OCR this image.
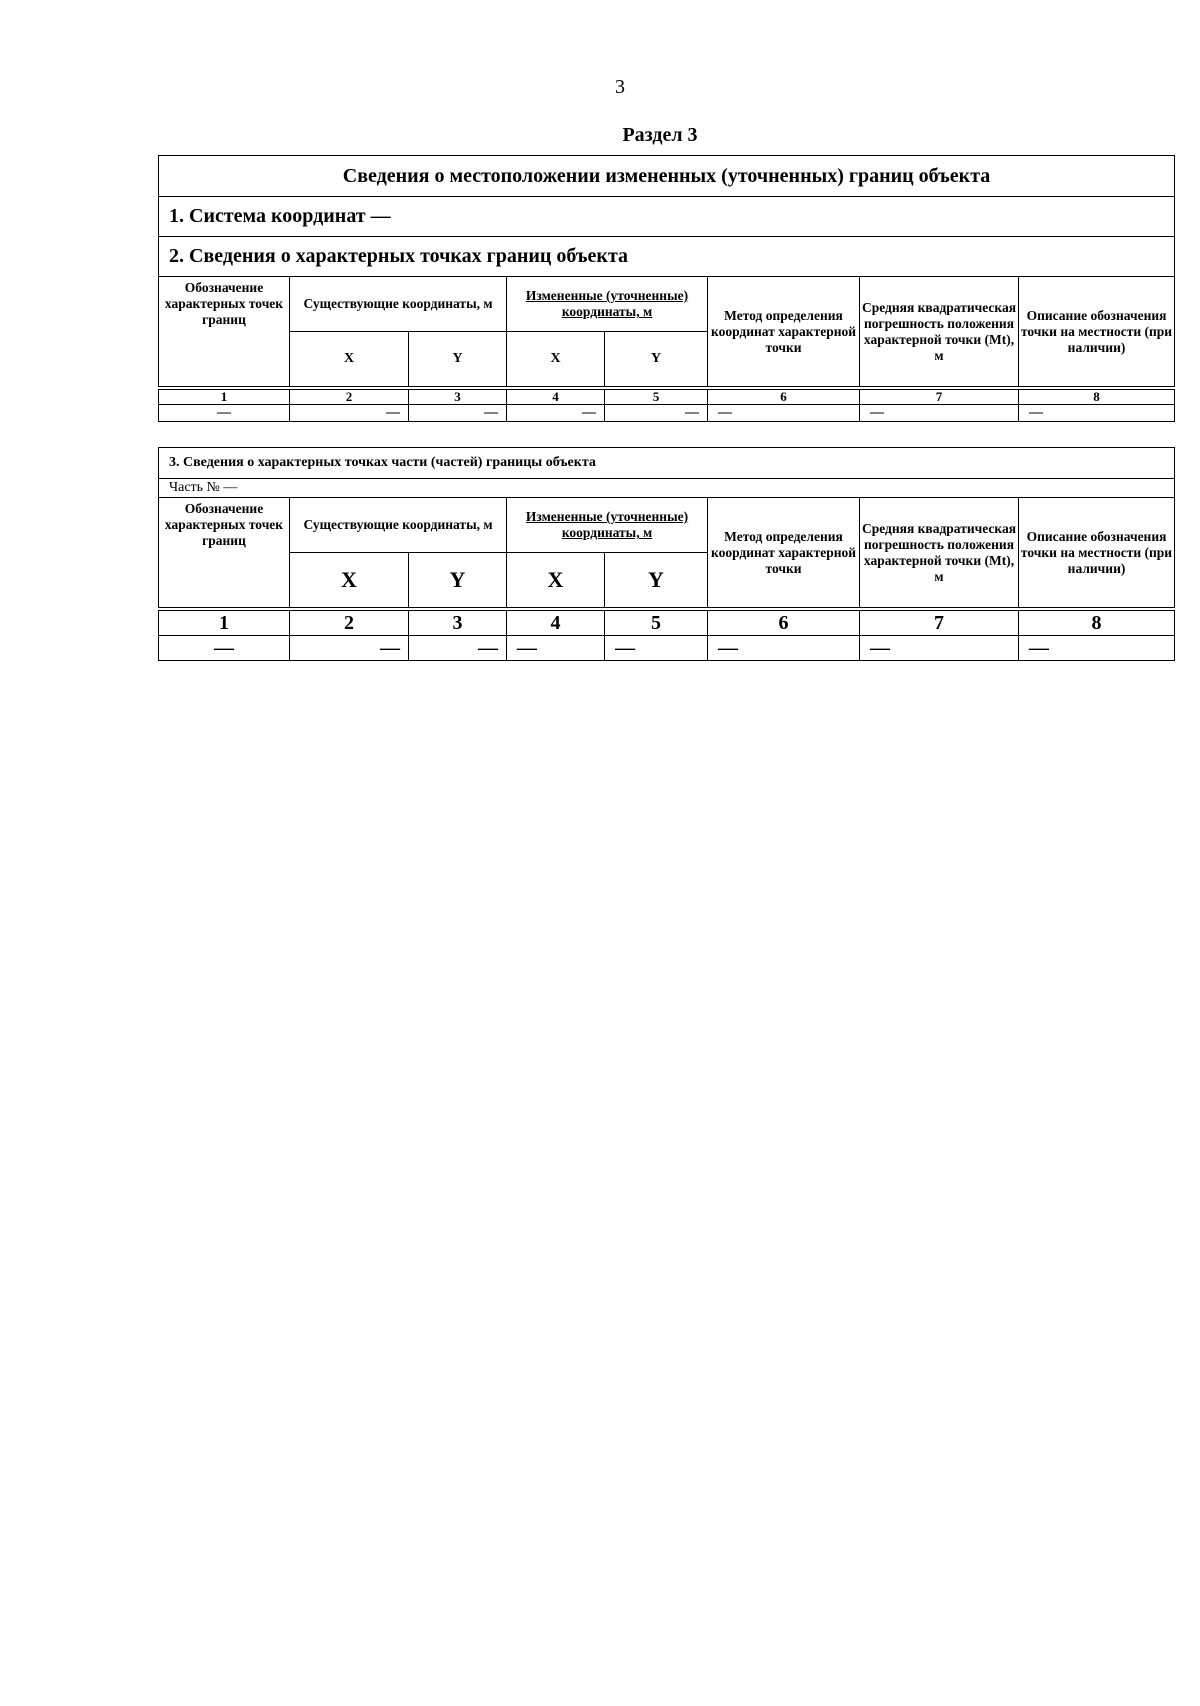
3
Раздел 3
Сведения о местоположении измененных (уточненных) границ объекта							
1. Система координат —							
2. Сведения о характерных точках границ объекта							
Обозначение характерных точек границ	Существующие координаты, м		Измененные (уточненные) координаты, м		Метод определения координат характерной точки	Средняя квадратическая погрешность положения характерной точки (Mt), м	Описание обозначения точки на местности (при наличии)
	X	Y	X	Y			

1	2	3	4	5	6	7	8
—	—	—	—	—	—	—	—
3. Сведения о характерных точках части (частей) границы объекта							
Часть № —							
Обозначение характерных точек границ	Существующие координаты, м		Измененные (уточненные) координаты, м		Метод определения координат характерной точки	Средняя квадратическая погрешность положения характерной точки (Mt), м	Описание обозначения точки на местности (при наличии)
	X	Y	X	Y			

1	2	3	4	5	6	7	8
—	—	—	—	—	—	—	—
